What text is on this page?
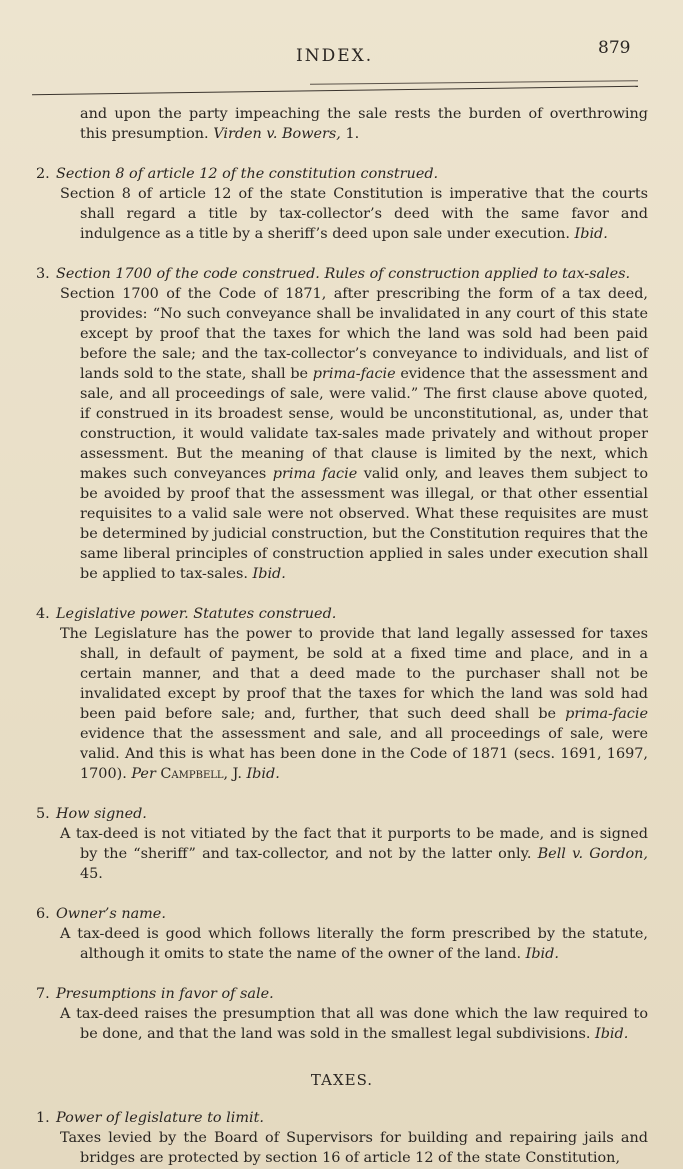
INDEX.	879

and upon the party impeaching the sale rests the burden of overthrowing this presumption. Virden v. Bowers, 1.

2. Section 8 of article 12 of the constitution construed.
Section 8 of article 12 of the state Constitution is imperative that the courts shall regard a title by tax-collector’s deed with the same favor and indulgence as a title by a sheriff’s deed upon sale under execution. Ibid.
3. Section 1700 of the code construed. Rules of construction applied to tax-sales.
Section 1700 of the Code of 1871, after prescribing the form of a tax deed, provides: “No such conveyance shall be invalidated in any court of this state except by proof that the taxes for which the land was sold had been paid before the sale; and the tax-collector’s conveyance to individuals, and list of lands sold to the state, shall be prima-facie evidence that the assessment and sale, and all proceedings of sale, were valid.” The first clause above quoted, if construed in its broadest sense, would be unconstitutional, as, under that construction, it would validate tax-sales made privately and without proper assessment. But the meaning of that clause is limited by the next, which makes such conveyances prima facie valid only, and leaves them subject to be avoided by proof that the assessment was illegal, or that other essential requisites to a valid sale were not observed. What these requisites are must be determined by judicial construction, but the Constitution requires that the same liberal principles of construction applied in sales under execution shall be applied to tax-sales. Ibid.
4. Legislative power. Statutes construed.
The Legislature has the power to provide that land legally assessed for taxes shall, in default of payment, be sold at a fixed time and place, and in a certain manner, and that a deed made to the purchaser shall not be invalidated except by proof that the taxes for which the land was sold had been paid before sale; and, further, that such deed shall be prima-facie evidence that the assessment and sale, and all proceedings of sale, were valid. And this is what has been done in the Code of 1871 (secs. 1691, 1697, 1700). Per Campbell, J. Ibid.
5. How signed.
A tax-deed is not vitiated by the fact that it purports to be made, and is signed by the “sheriff” and tax-collector, and not by the latter only. Bell v. Gordon, 45.
6. Owner’s name.
A tax-deed is good which follows literally the form prescribed by the statute, although it omits to state the name of the owner of the land. Ibid.
7. Presumptions in favor of sale.
A tax-deed raises the presumption that all was done which the law required to be done, and that the land was sold in the smallest legal subdivisions. Ibid.
TAXES.
1. Power of legislature to limit.
Taxes levied by the Board of Supervisors for building and repairing jails and bridges are protected by section 16 of article 12 of the state Constitution,
